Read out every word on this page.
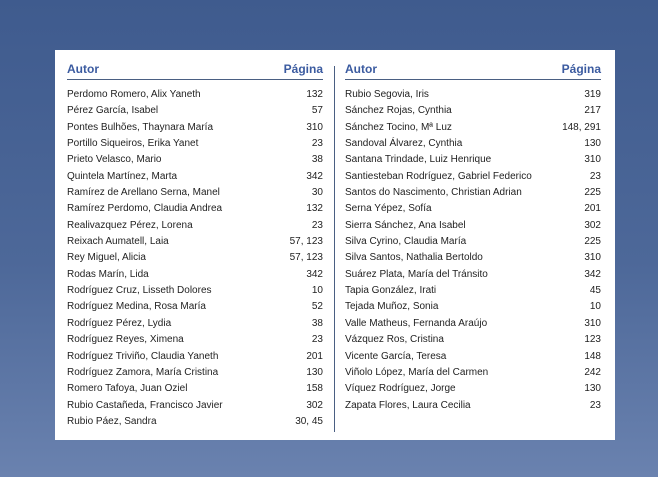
Autor	Página
Perdomo Romero, Alix Yaneth	132
Pérez García, Isabel	57
Pontes Bulhões, Thaynara María	310
Portillo Siqueiros, Erika Yanet	23
Prieto Velasco, Mario	38
Quintela Martínez, Marta	342
Ramírez de Arellano Serna, Manel	30
Ramírez Perdomo, Claudia Andrea	132
Realivazquez Pérez, Lorena	23
Reixach Aumatell, Laia	57, 123
Rey Miguel, Alicia	57, 123
Rodas Marín, Lida	342
Rodríguez Cruz, Lisseth Dolores	10
Rodríguez Medina, Rosa María	52
Rodríguez Pérez, Lydia	38
Rodríguez Reyes, Ximena	23
Rodríguez Triviño, Claudia Yaneth	201
Rodríguez Zamora, María Cristina	130
Romero Tafoya, Juan Oziel	158
Rubio Castañeda, Francisco Javier	302
Rubio Páez, Sandra	30, 45
Autor	Página
Rubio Segovia, Iris	319
Sánchez Rojas, Cynthia	217
Sánchez Tocino, Mª Luz	148, 291
Sandoval Álvarez, Cynthia	130
Santana Trindade, Luiz Henrique	310
Santiesteban Rodríguez, Gabriel Federico	23
Santos do Nascimento, Christian Adrian	225
Serna Yépez, Sofía	201
Sierra Sánchez, Ana Isabel	302
Silva Cyrino, Claudia María	225
Silva Santos, Nathalia Bertoldo	310
Suárez Plata, María del Tránsito	342
Tapia González, Irati	45
Tejada Muñoz, Sonia	10
Valle Matheus, Fernanda Araújo	310
Vázquez Ros, Cristina	123
Vicente García, Teresa	148
Viñolo López, María del Carmen	242
Víquez Rodríguez, Jorge	130
Zapata Flores, Laura Cecilia	23
